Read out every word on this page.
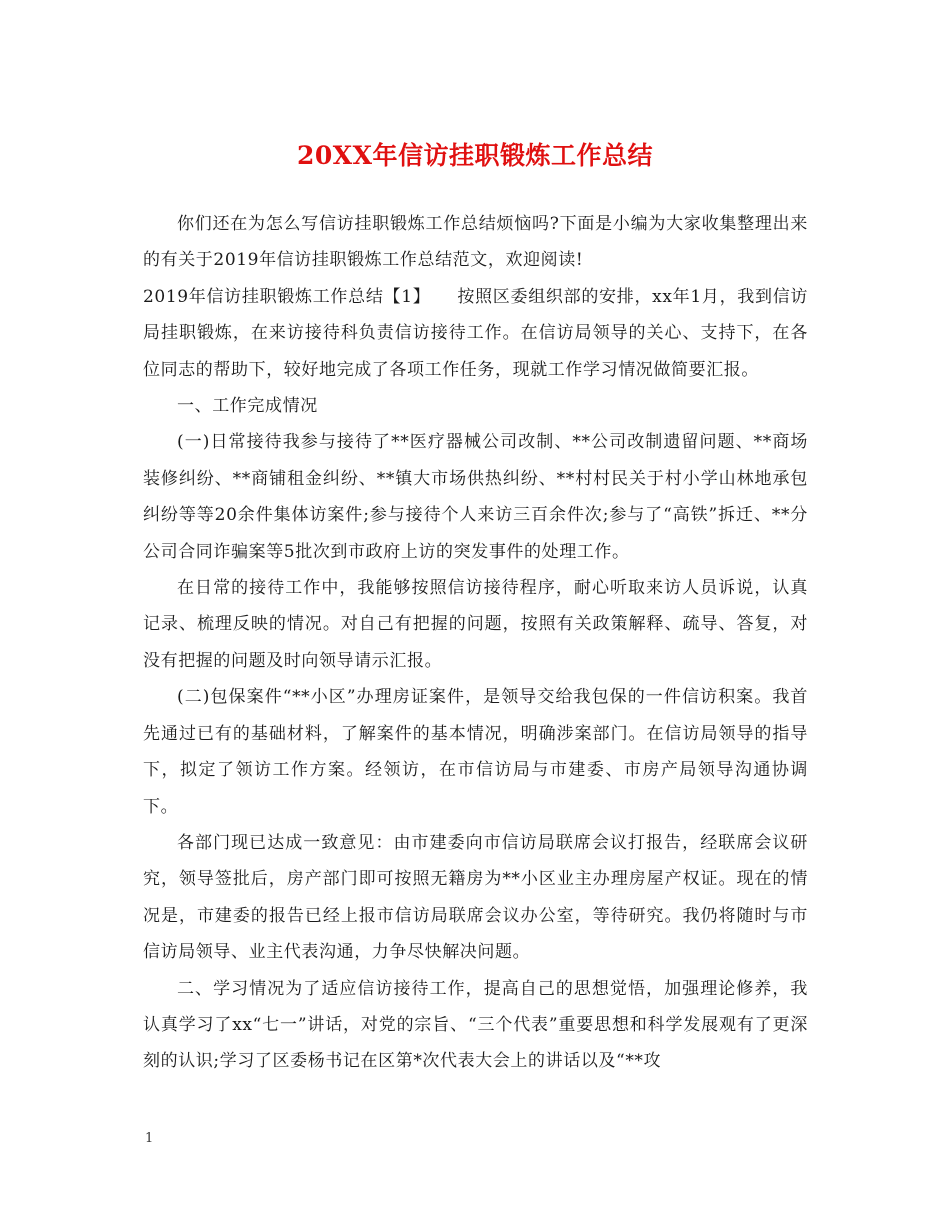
20XX年信访挂职锻炼工作总结

你们还在为怎么写信访挂职锻炼工作总结烦恼吗?下面是小编为大家收集整理出来的有关于2019年信访挂职锻炼工作总结范文，欢迎阅读!

2019年信访挂职锻炼工作总结【1】　　按照区委组织部的安排，xx年1月，我到信访局挂职锻炼，在来访接待科负责信访接待工作。在信访局领导的关心、支持下，在各位同志的帮助下，较好地完成了各项工作任务，现就工作学习情况做简要汇报。

一、工作完成情况

(一)日常接待我参与接待了**医疗器械公司改制、**公司改制遗留问题、**商场装修纠纷、**商铺租金纠纷、**镇大市场供热纠纷、**村村民关于村小学山林地承包纠纷等等20余件集体访案件;参与接待个人来访三百余件次;参与了“高铁”拆迁、**分公司合同诈骗案等5批次到市政府上访的突发事件的处理工作。

在日常的接待工作中，我能够按照信访接待程序，耐心听取来访人员诉说，认真记录、梳理反映的情况。对自己有把握的问题，按照有关政策解释、疏导、答复，对没有把握的问题及时向领导请示汇报。

(二)包保案件“**小区”办理房证案件，是领导交给我包保的一件信访积案。我首先通过已有的基础材料，了解案件的基本情况，明确涉案部门。在信访局领导的指导下，拟定了领访工作方案。经领访，在市信访局与市建委、市房产局领导沟通协调下。

各部门现已达成一致意见：由市建委向市信访局联席会议打报告，经联席会议研究，领导签批后，房产部门即可按照无籍房为**小区业主办理房屋产权证。现在的情况是，市建委的报告已经上报市信访局联席会议办公室，等待研究。我仍将随时与市信访局领导、业主代表沟通，力争尽快解决问题。

二、学习情况为了适应信访接待工作，提高自己的思想觉悟，加强理论修养，我认真学习了xx“七一”讲话，对党的宗旨、“三个代表”重要思想和科学发展观有了更深刻的认识;学习了区委杨书记在区第*次代表大会上的讲话以及“**攻

1
